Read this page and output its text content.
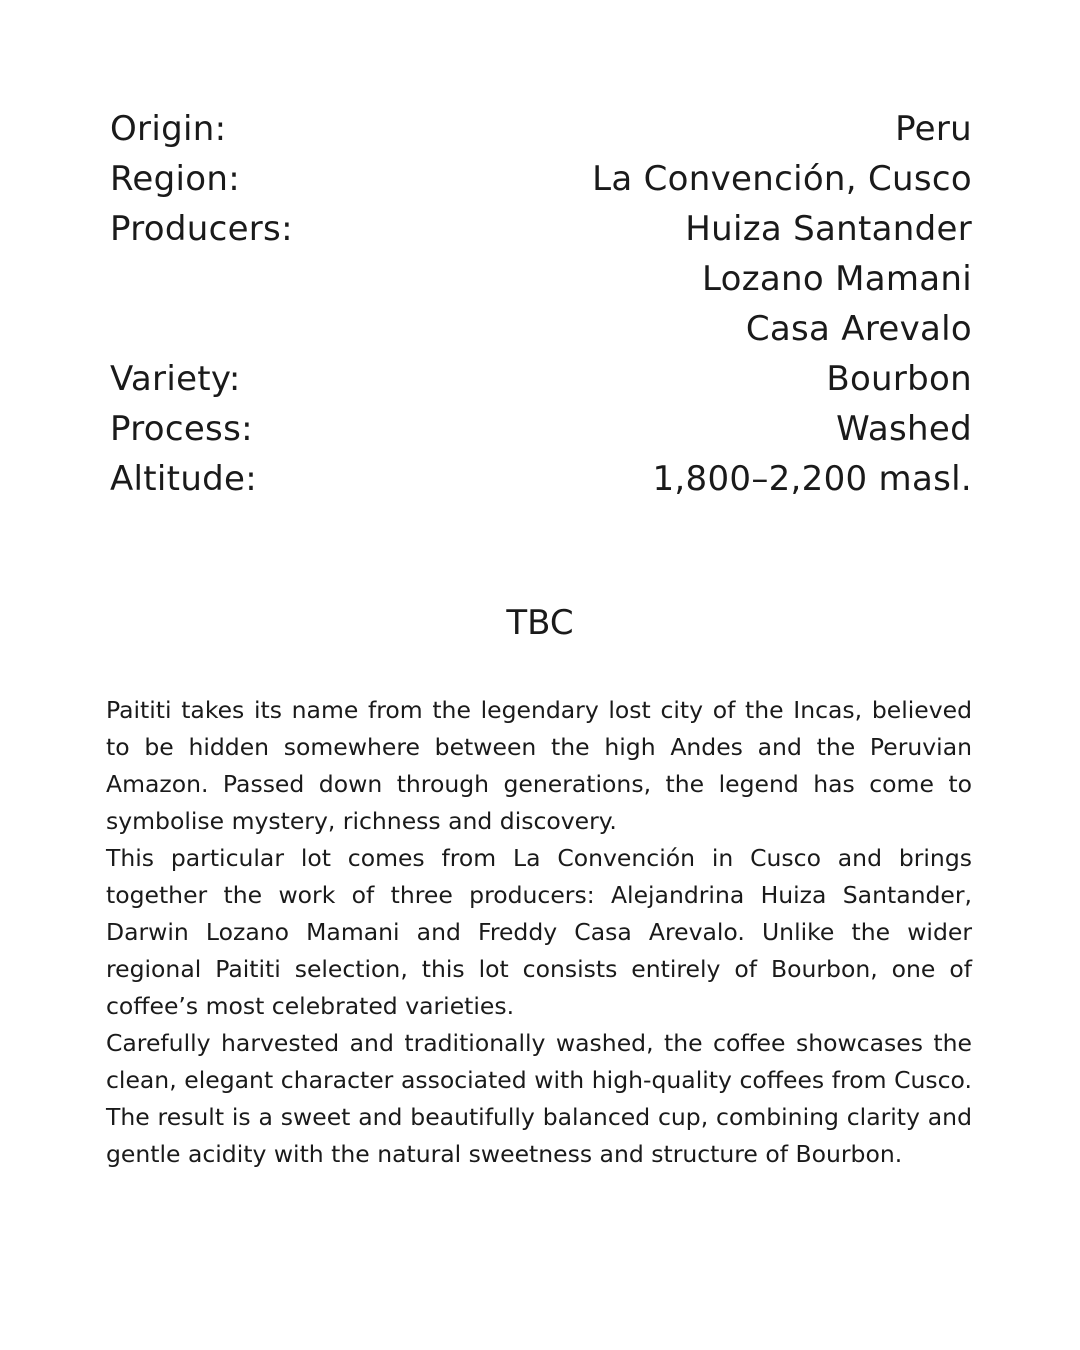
Origin:	Peru
Region:	La Convención, Cusco
Producers:	Huiza Santander
Lozano Mamani
Casa Arevalo
Variety:	Bourbon
Process:	Washed
Altitude:	1,800–2,200 masl.
TBC

Paititi takes its name from the legendary lost city of the Incas, believed to be hidden somewhere between the high Andes and the Peruvian Amazon. Passed down through generations, the legend has come to symbolise mystery, richness and discovery.

This particular lot comes from La Convención in Cusco and brings together the work of three producers: Alejandrina Huiza Santander, Darwin Lozano Mamani and Freddy Casa Arevalo. Unlike the wider regional Paititi selection, this lot consists entirely of Bourbon, one of coffee’s most celebrated varieties.

Carefully harvested and traditionally washed, the coffee showcases the clean, elegant character associated with high-quality coffees from Cusco. The result is a sweet and beautifully balanced cup, combining clarity and gentle acidity with the natural sweetness and structure of Bourbon.
